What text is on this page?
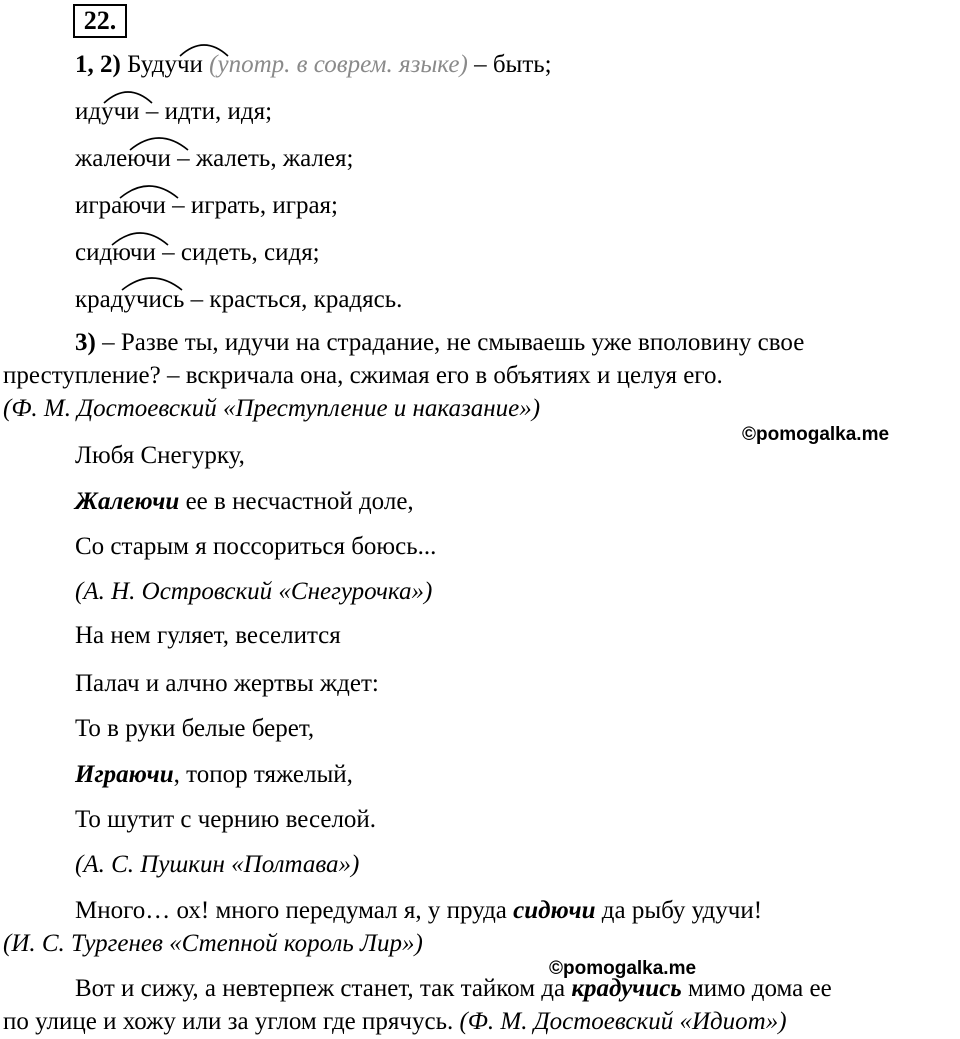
22.
1, 2) Будучи (употр. в соврем. языке) – быть;
идучи – идти, идя;
жалеючи – жалеть, жалея;
играючи – играть, играя;
сидючи – сидеть, сидя;
крадучись – красться, крадясь.
3) – Разве ты, идучи на страдание, не смываешь уже вполовину свое
преступление? – вскричала она, сжимая его в объятиях и целуя его.
(Ф. М. Достоевский «Преступление и наказание»)
©pomogalka.me
Любя Снегурку,
Жалеючи ее в несчастной доле,
Со старым я поссориться боюсь...
(А. Н. Островский «Снегурочка»)
На нем гуляет, веселится
Палач и алчно жертвы ждет:
То в руки белые берет,
Играючи, топор тяжелый,
То шутит с чернию веселой.
(А. С. Пушкин «Полтава»)
Много… ох! много передумал я, у пруда сидючи да рыбу удучи!
(И. С. Тургенев «Степной король Лир»)
©pomogalka.me
Вот и сижу, а невтерпеж станет, так тайком да крадучись мимо дома ее
по улице и хожу или за углом где прячусь. (Ф. М. Достоевский «Идиот»)
